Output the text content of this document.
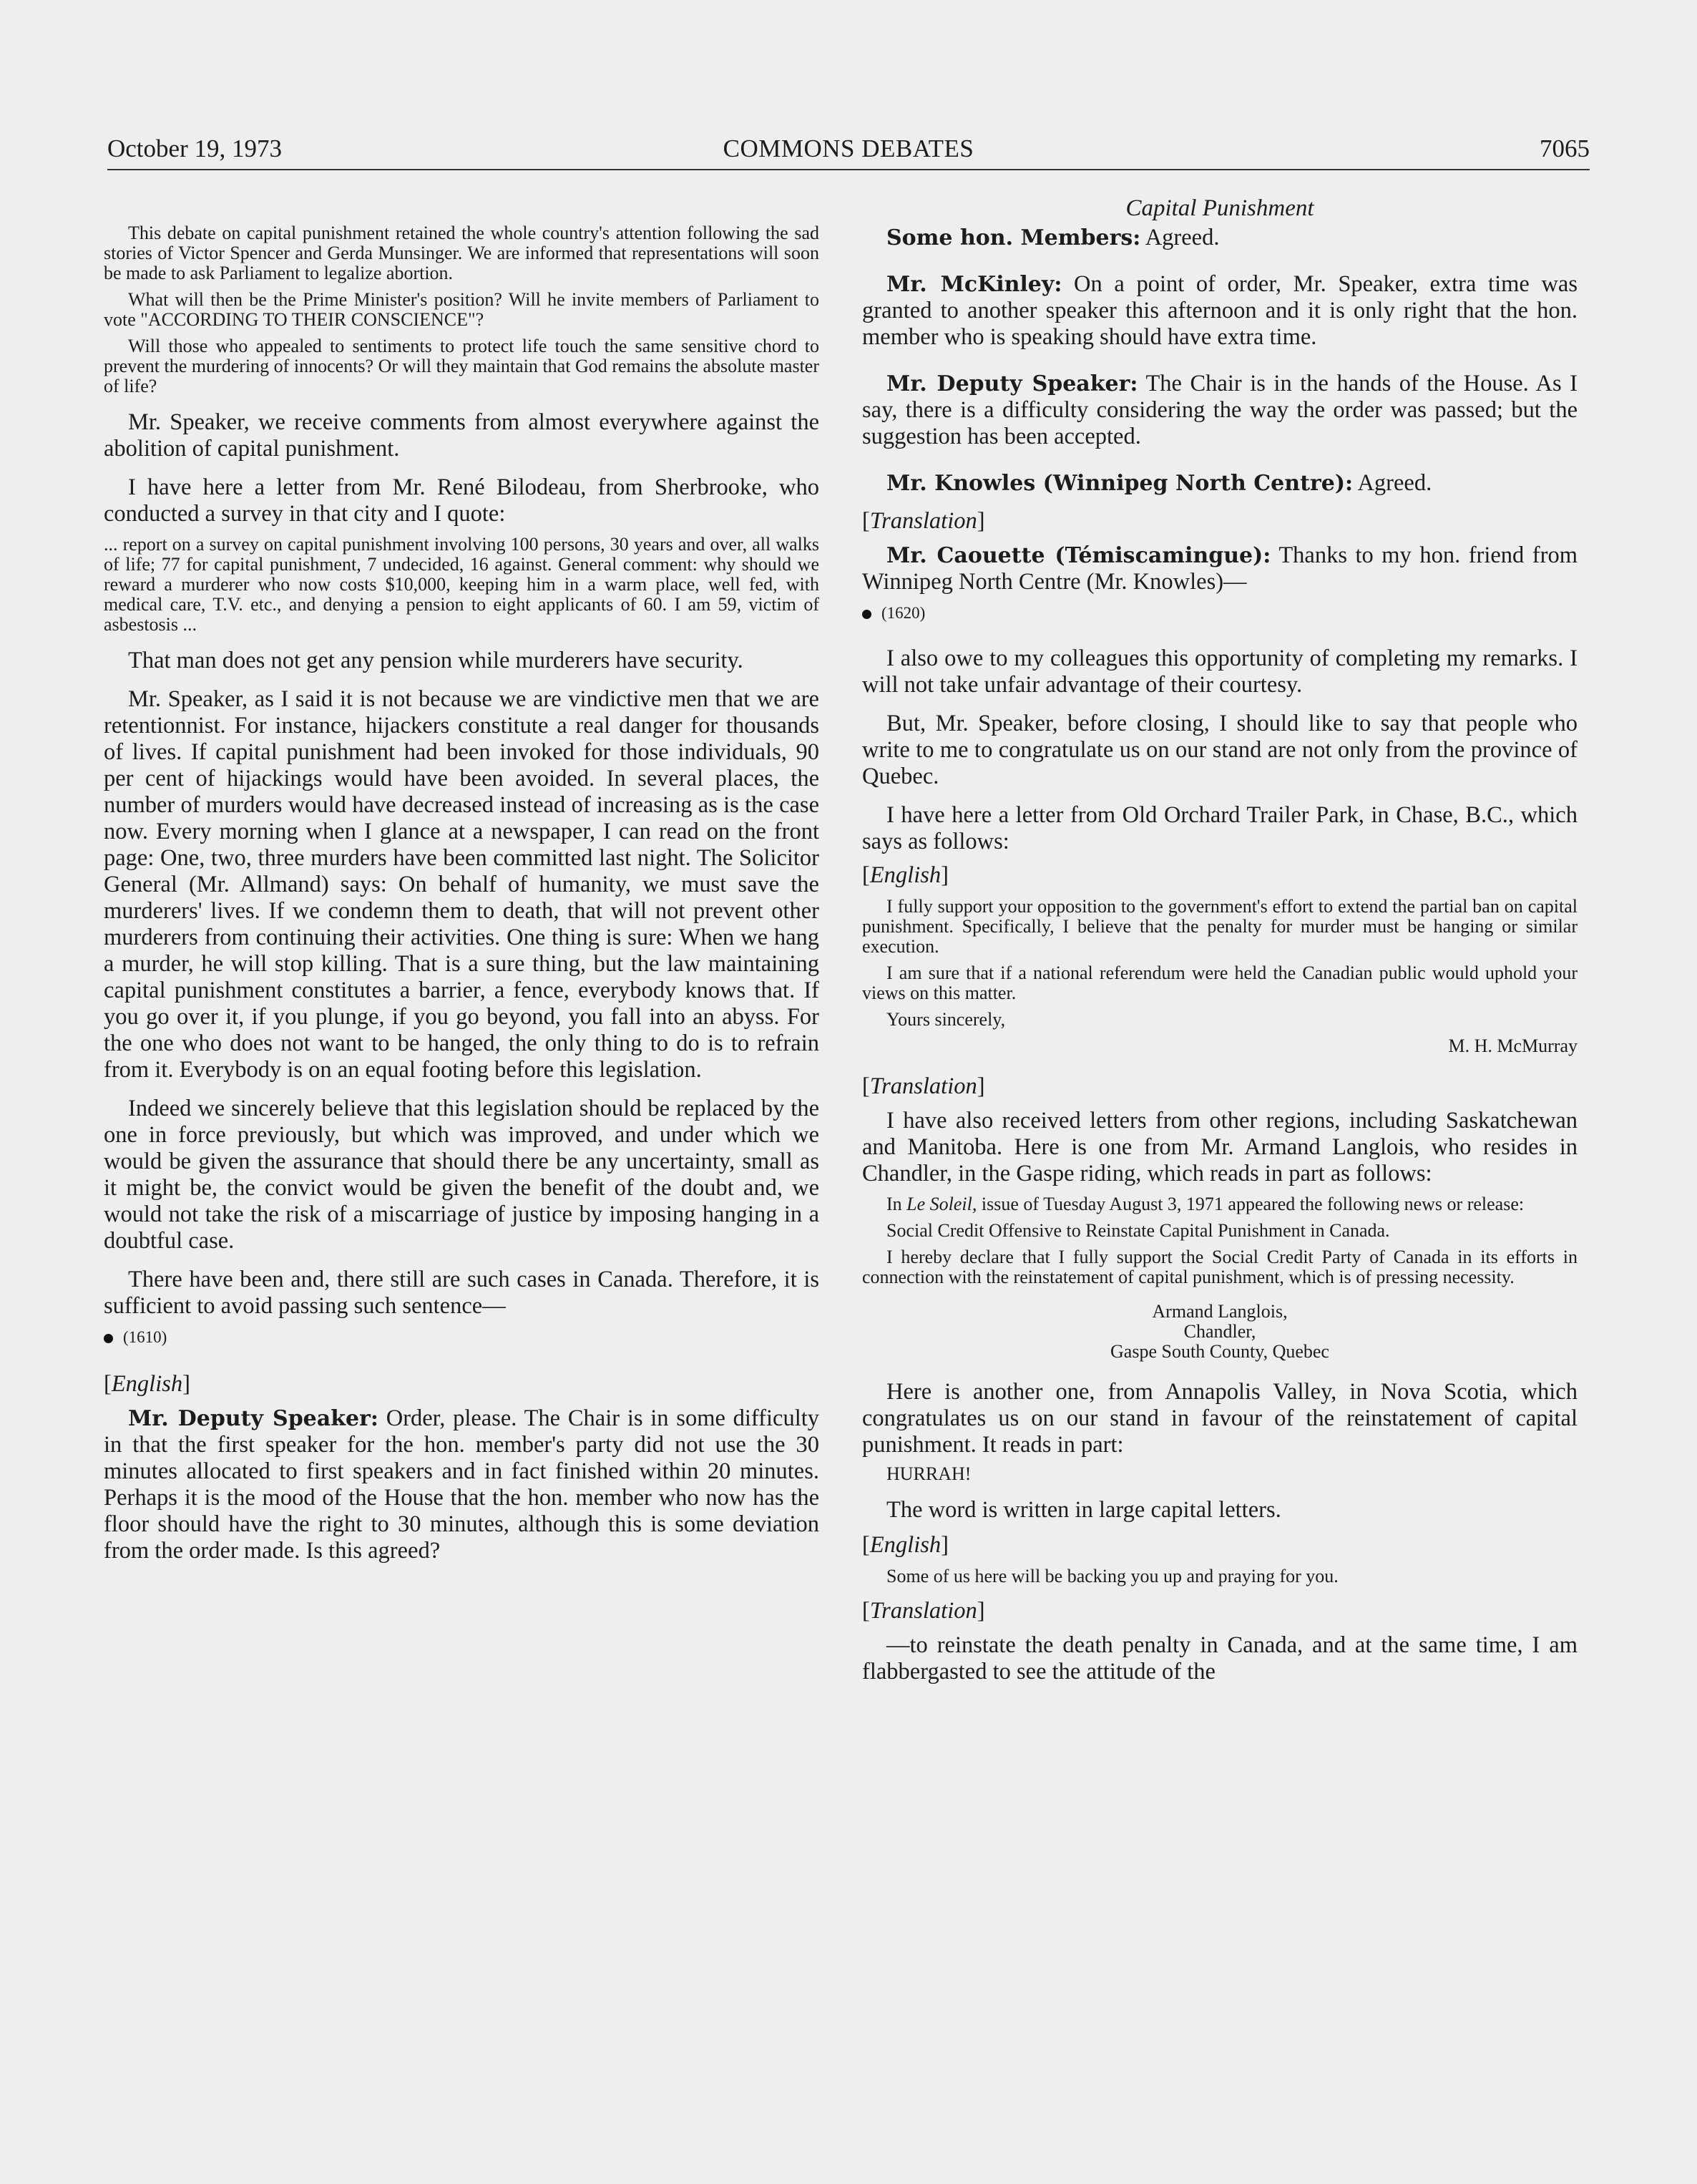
October 19, 1973	COMMONS DEBATES	7065

This debate on capital punishment retained the whole country's attention following the sad stories of Victor Spencer and Gerda Munsinger. We are informed that representations will soon be made to ask Parliament to legalize abortion.

What will then be the Prime Minister's position? Will he invite members of Parliament to vote "ACCORDING TO THEIR CONSCIENCE"?

Will those who appealed to sentiments to protect life touch the same sensitive chord to prevent the murdering of innocents? Or will they maintain that God remains the absolute master of life?

Mr. Speaker, we receive comments from almost everywhere against the abolition of capital punishment.

I have here a letter from Mr. René Bilodeau, from Sherbrooke, who conducted a survey in that city and I quote:

... report on a survey on capital punishment involving 100 persons, 30 years and over, all walks of life; 77 for capital punishment, 7 undecided, 16 against. General comment: why should we reward a murderer who now costs $10,000, keeping him in a warm place, well fed, with medical care, T.V. etc., and denying a pension to eight applicants of 60. I am 59, victim of asbestosis ...

That man does not get any pension while murderers have security.

Mr. Speaker, as I said it is not because we are vindictive men that we are retentionnist. For instance, hijackers constitute a real danger for thousands of lives. If capital punishment had been invoked for those individuals, 90 per cent of hijackings would have been avoided. In several places, the number of murders would have decreased instead of increasing as is the case now. Every morning when I glance at a newspaper, I can read on the front page: One, two, three murders have been committed last night. The Solicitor General (Mr. Allmand) says: On behalf of humanity, we must save the murderers' lives. If we condemn them to death, that will not prevent other murderers from continuing their activities. One thing is sure: When we hang a murder, he will stop killing. That is a sure thing, but the law maintaining capital punishment constitutes a barrier, a fence, everybody knows that. If you go over it, if you plunge, if you go beyond, you fall into an abyss. For the one who does not want to be hanged, the only thing to do is to refrain from it. Everybody is on an equal footing before this legislation.

Indeed we sincerely believe that this legislation should be replaced by the one in force previously, but which was improved, and under which we would be given the assurance that should there be any uncertainty, small as it might be, the convict would be given the benefit of the doubt and, we would not take the risk of a miscarriage of justice by imposing hanging in a doubtful case.

There have been and, there still are such cases in Canada. Therefore, it is sufficient to avoid passing such sentence—

(1610)

[English]

Mr. Deputy Speaker: Order, please. The Chair is in some difficulty in that the first speaker for the hon. member's party did not use the 30 minutes allocated to first speakers and in fact finished within 20 minutes. Perhaps it is the mood of the House that the hon. member who now has the floor should have the right to 30 minutes, although this is some deviation from the order made. Is this agreed?

Capital Punishment

Some hon. Members: Agreed.

Mr. McKinley: On a point of order, Mr. Speaker, extra time was granted to another speaker this afternoon and it is only right that the hon. member who is speaking should have extra time.

Mr. Deputy Speaker: The Chair is in the hands of the House. As I say, there is a difficulty considering the way the order was passed; but the suggestion has been accepted.

Mr. Knowles (Winnipeg North Centre): Agreed.

[Translation]

Mr. Caouette (Témiscamingue): Thanks to my hon. friend from Winnipeg North Centre (Mr. Knowles)—

(1620)

I also owe to my colleagues this opportunity of completing my remarks. I will not take unfair advantage of their courtesy.

But, Mr. Speaker, before closing, I should like to say that people who write to me to congratulate us on our stand are not only from the province of Quebec.

I have here a letter from Old Orchard Trailer Park, in Chase, B.C., which says as follows:

[English]

I fully support your opposition to the government's effort to extend the partial ban on capital punishment. Specifically, I believe that the penalty for murder must be hanging or similar execution.

I am sure that if a national referendum were held the Canadian public would uphold your views on this matter.

Yours sincerely,

M. H. McMurray

[Translation]

I have also received letters from other regions, including Saskatchewan and Manitoba. Here is one from Mr. Armand Langlois, who resides in Chandler, in the Gaspe riding, which reads in part as follows:

In Le Soleil, issue of Tuesday August 3, 1971 appeared the following news or release:

Social Credit Offensive to Reinstate Capital Punishment in Canada.

I hereby declare that I fully support the Social Credit Party of Canada in its efforts in connection with the reinstatement of capital punishment, which is of pressing necessity.

Armand Langlois,
Chandler,
Gaspe South County, Quebec

Here is another one, from Annapolis Valley, in Nova Scotia, which congratulates us on our stand in favour of the reinstatement of capital punishment. It reads in part:

HURRAH!

The word is written in large capital letters.

[English]

Some of us here will be backing you up and praying for you.

[Translation]

—to reinstate the death penalty in Canada, and at the same time, I am flabbergasted to see the attitude of the
